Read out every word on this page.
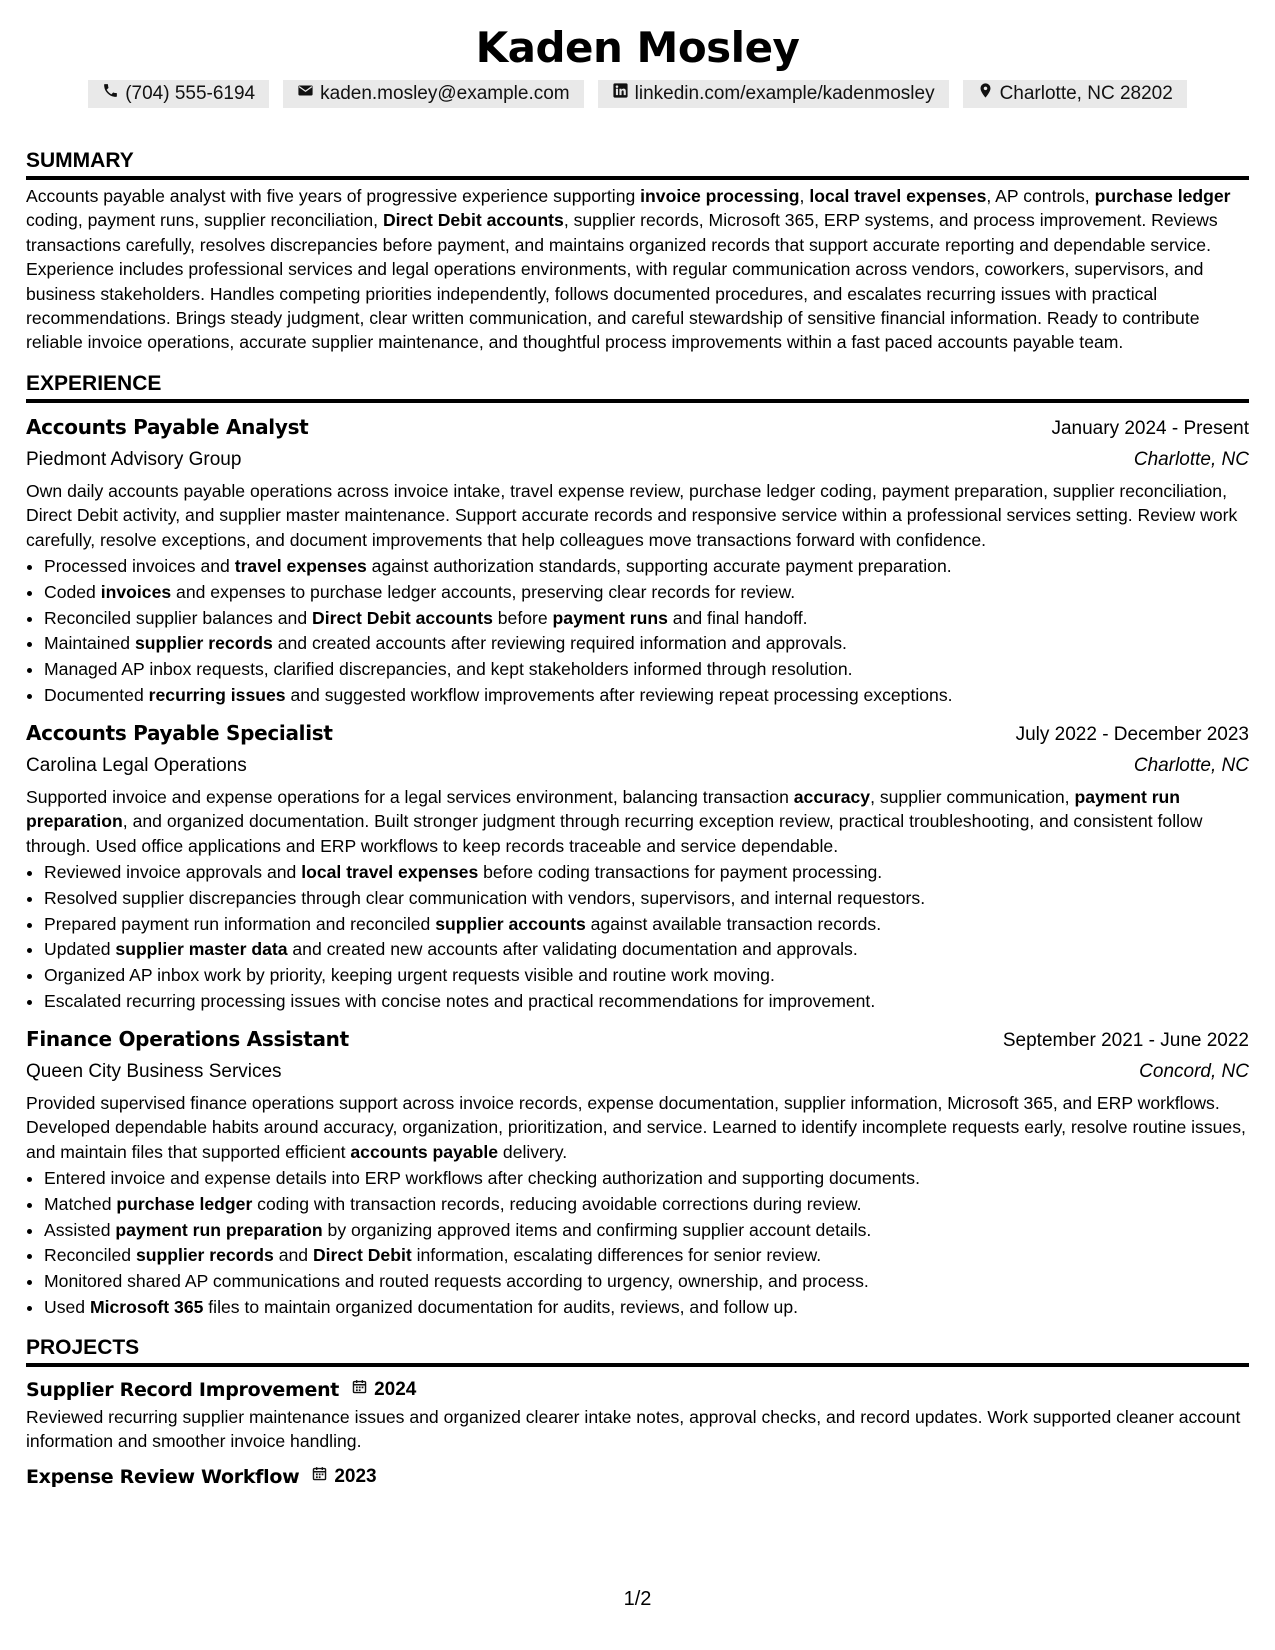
Kaden Mosley
(704) 555-6194	kaden.mosley@example.com	linkedin.com/example/kadenmosley	Charlotte, NC 28202
SUMMARY

Accounts payable analyst with five years of progressive experience supporting invoice processing, local travel expenses, AP controls, purchase ledger coding, payment runs, supplier reconciliation, Direct Debit accounts, supplier records, Microsoft 365, ERP systems, and process improvement. Reviews transactions carefully, resolves discrepancies before payment, and maintains organized records that support accurate reporting and dependable service. Experience includes professional services and legal operations environments, with regular communication across vendors, coworkers, supervisors, and business stakeholders. Handles competing priorities independently, follows documented procedures, and escalates recurring issues with practical recommendations. Brings steady judgment, clear written communication, and careful stewardship of sensitive financial information. Ready to contribute reliable invoice operations, accurate supplier maintenance, and thoughtful process improvements within a fast paced accounts payable team.

EXPERIENCE
Accounts Payable Analyst	January 2024 - Present
Piedmont Advisory Group	Charlotte, NC

Own daily accounts payable operations across invoice intake, travel expense review, purchase ledger coding, payment preparation, supplier reconciliation, Direct Debit activity, and supplier master maintenance. Support accurate records and responsive service within a professional services setting. Review work carefully, resolve exceptions, and document improvements that help colleagues move transactions forward with confidence.

• Processed invoices and travel expenses against authorization standards, supporting accurate payment preparation.
• Coded invoices and expenses to purchase ledger accounts, preserving clear records for review.
• Reconciled supplier balances and Direct Debit accounts before payment runs and final handoff.
• Maintained supplier records and created accounts after reviewing required information and approvals.
• Managed AP inbox requests, clarified discrepancies, and kept stakeholders informed through resolution.
• Documented recurring issues and suggested workflow improvements after reviewing repeat processing exceptions.
Accounts Payable Specialist	July 2022 - December 2023
Carolina Legal Operations	Charlotte, NC

Supported invoice and expense operations for a legal services environment, balancing transaction accuracy, supplier communication, payment run preparation, and organized documentation. Built stronger judgment through recurring exception review, practical troubleshooting, and consistent follow through. Used office applications and ERP workflows to keep records traceable and service dependable.

• Reviewed invoice approvals and local travel expenses before coding transactions for payment processing.
• Resolved supplier discrepancies through clear communication with vendors, supervisors, and internal requestors.
• Prepared payment run information and reconciled supplier accounts against available transaction records.
• Updated supplier master data and created new accounts after validating documentation and approvals.
• Organized AP inbox work by priority, keeping urgent requests visible and routine work moving.
• Escalated recurring processing issues with concise notes and practical recommendations for improvement.
Finance Operations Assistant	September 2021 - June 2022
Queen City Business Services	Concord, NC

Provided supervised finance operations support across invoice records, expense documentation, supplier information, Microsoft 365, and ERP workflows. Developed dependable habits around accuracy, organization, prioritization, and service. Learned to identify incomplete requests early, resolve routine issues, and maintain files that supported efficient accounts payable delivery.

• Entered invoice and expense details into ERP workflows after checking authorization and supporting documents.
• Matched purchase ledger coding with transaction records, reducing avoidable corrections during review.
• Assisted payment run preparation by organizing approved items and confirming supplier account details.
• Reconciled supplier records and Direct Debit information, escalating differences for senior review.
• Monitored shared AP communications and routed requests according to urgency, ownership, and process.
• Used Microsoft 365 files to maintain organized documentation for audits, reviews, and follow up.
PROJECTS
Supplier Record Improvement 2024

Reviewed recurring supplier maintenance issues and organized clearer intake notes, approval checks, and record updates. Work supported cleaner account information and smoother invoice handling.

Expense Review Workflow 2023
1/2
